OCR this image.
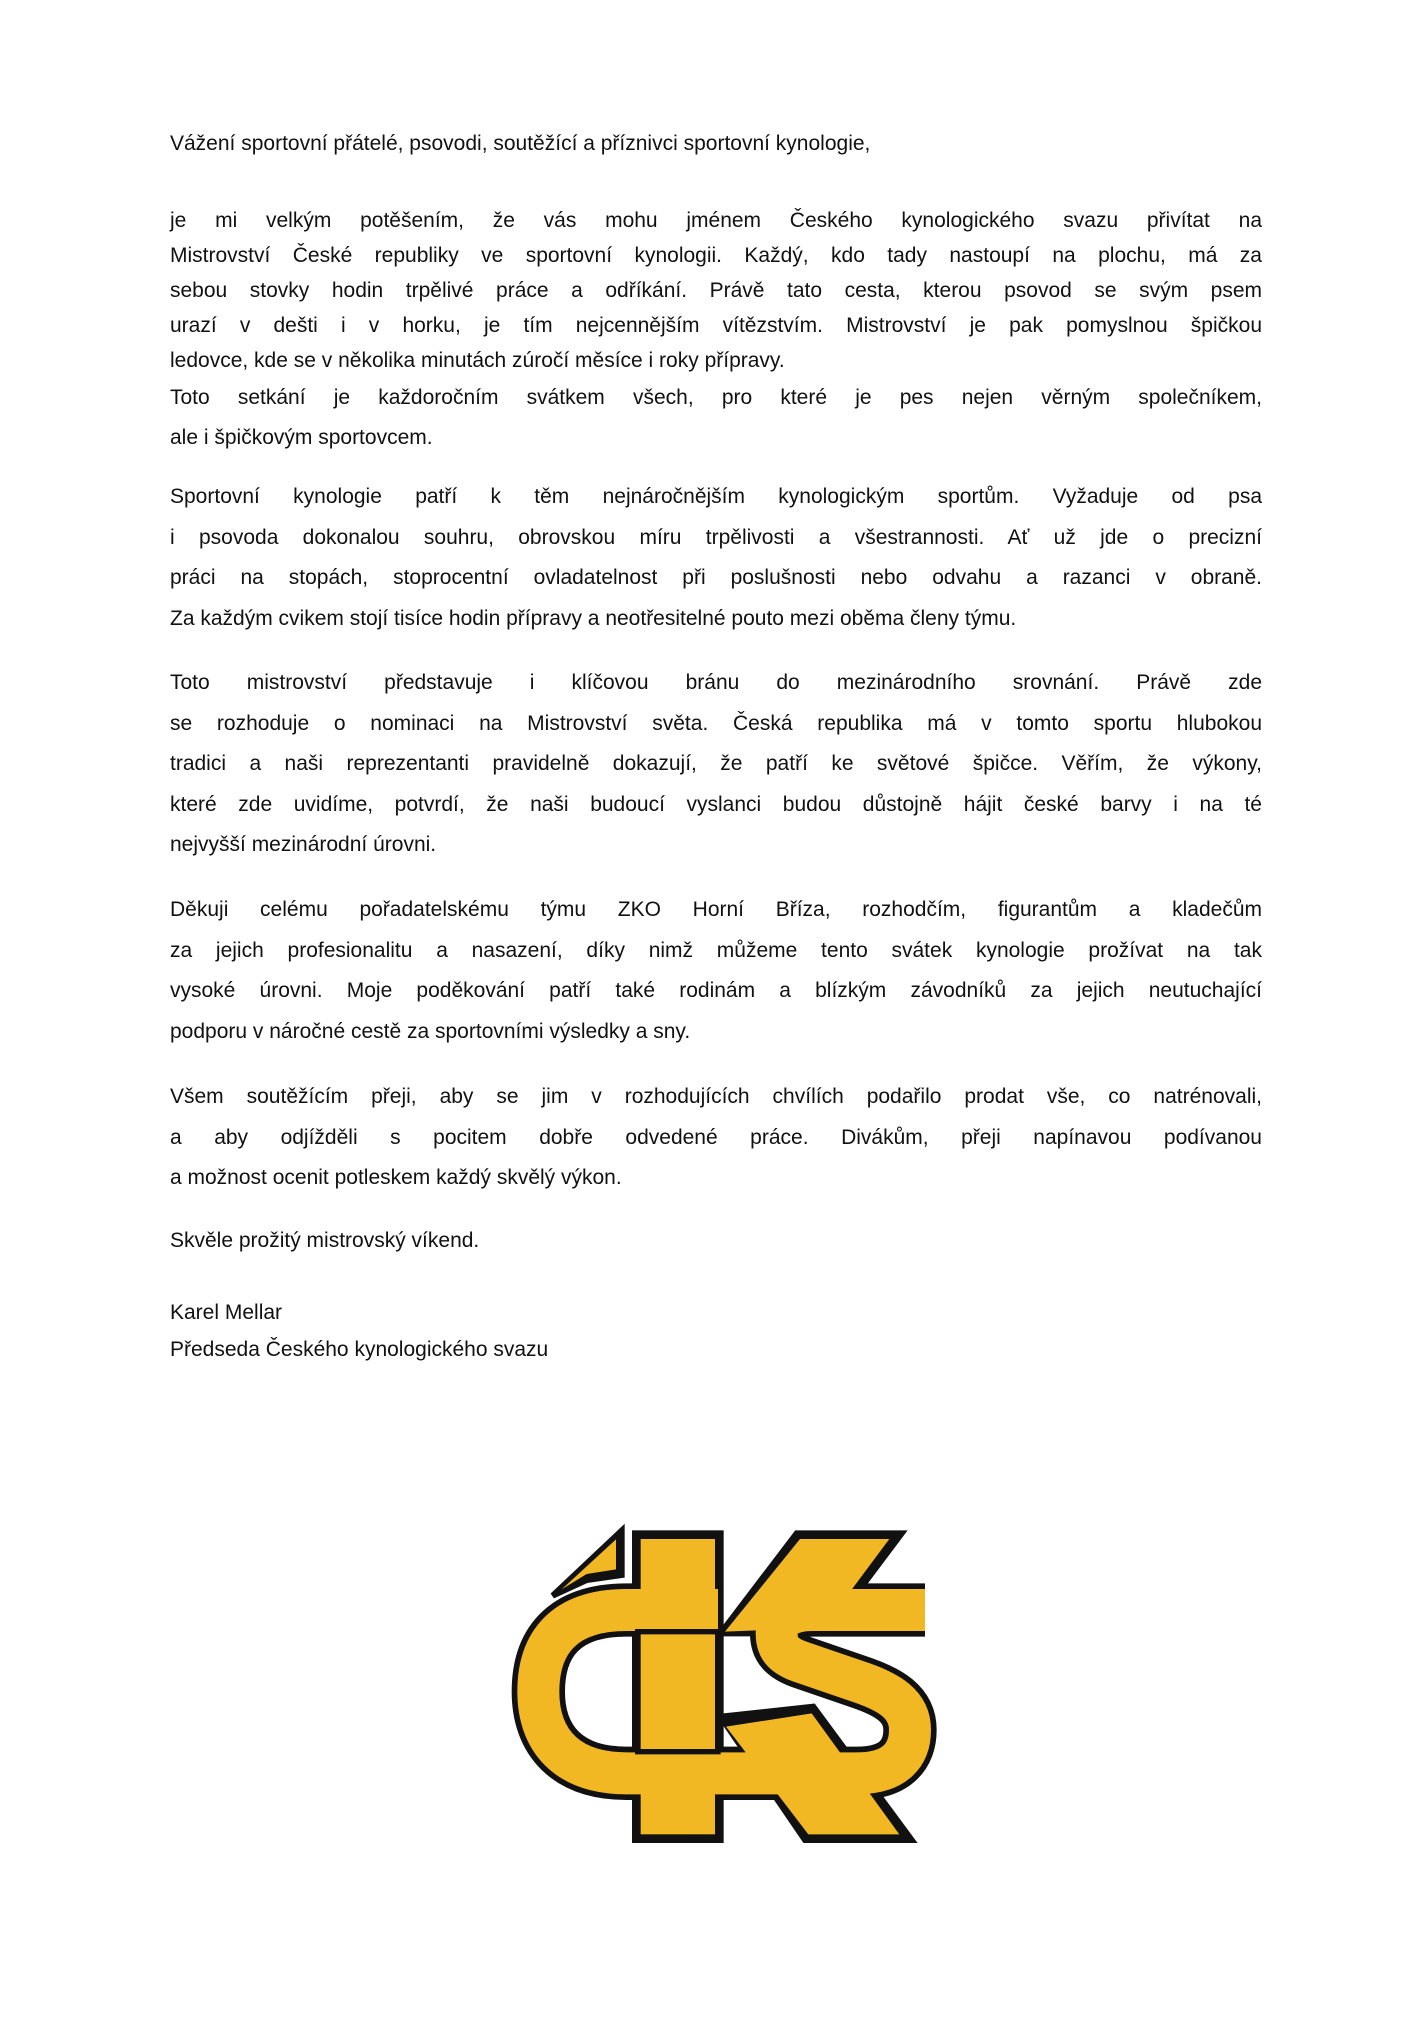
Vážení sportovní přátelé, psovodi, soutěžící a příznivci sportovní kynologie,
je mi velkým potěšením, že vás mohu jménem Českého kynologického svazu přivítat na
Mistrovství České republiky ve sportovní kynologii. Každý, kdo tady nastoupí na plochu, má za
sebou stovky hodin trpělivé práce a odříkání. Právě tato cesta, kterou psovod se svým psem
urazí v dešti i v horku, je tím nejcennějším vítězstvím. Mistrovství je pak pomyslnou špičkou
ledovce, kde se v několika minutách zúročí měsíce i roky přípravy.
Toto setkání je každoročním svátkem všech, pro které je pes nejen věrným společníkem,
ale i špičkovým sportovcem.
Sportovní kynologie patří k těm nejnáročnějším kynologickým sportům. Vyžaduje od psa
i psovoda dokonalou souhru, obrovskou míru trpělivosti a všestrannosti. Ať už jde o precizní
práci na stopách, stoprocentní ovladatelnost při poslušnosti nebo odvahu a razanci v obraně.
Za každým cvikem stojí tisíce hodin přípravy a neotřesitelné pouto mezi oběma členy týmu.
Toto mistrovství představuje i klíčovou bránu do mezinárodního srovnání. Právě zde
se rozhoduje o nominaci na Mistrovství světa. Česká republika má v tomto sportu hlubokou
tradici a naši reprezentanti pravidelně dokazují, že patří ke světové špičce. Věřím, že výkony,
které zde uvidíme, potvrdí, že naši budoucí vyslanci budou důstojně hájit české barvy i na té
nejvyšší mezinárodní úrovni.
Děkuji celému pořadatelskému týmu ZKO Horní Bříza, rozhodčím, figurantům a kladečům
za jejich profesionalitu a nasazení, díky nimž můžeme tento svátek kynologie prožívat na tak
vysoké úrovni. Moje poděkování patří také rodinám a blízkým závodníků za jejich neutuchající
podporu v náročné cestě za sportovními výsledky a sny.
Všem soutěžícím přeji, aby se jim v rozhodujících chvílích podařilo prodat vše, co natrénovali,
a aby odjížděli s pocitem dobře odvedené práce. Divákům, přeji napínavou podívanou
a možnost ocenit potleskem každý skvělý výkon.
Skvěle prožitý mistrovský víkend.
Karel Mellar
Předseda Českého kynologického svazu
